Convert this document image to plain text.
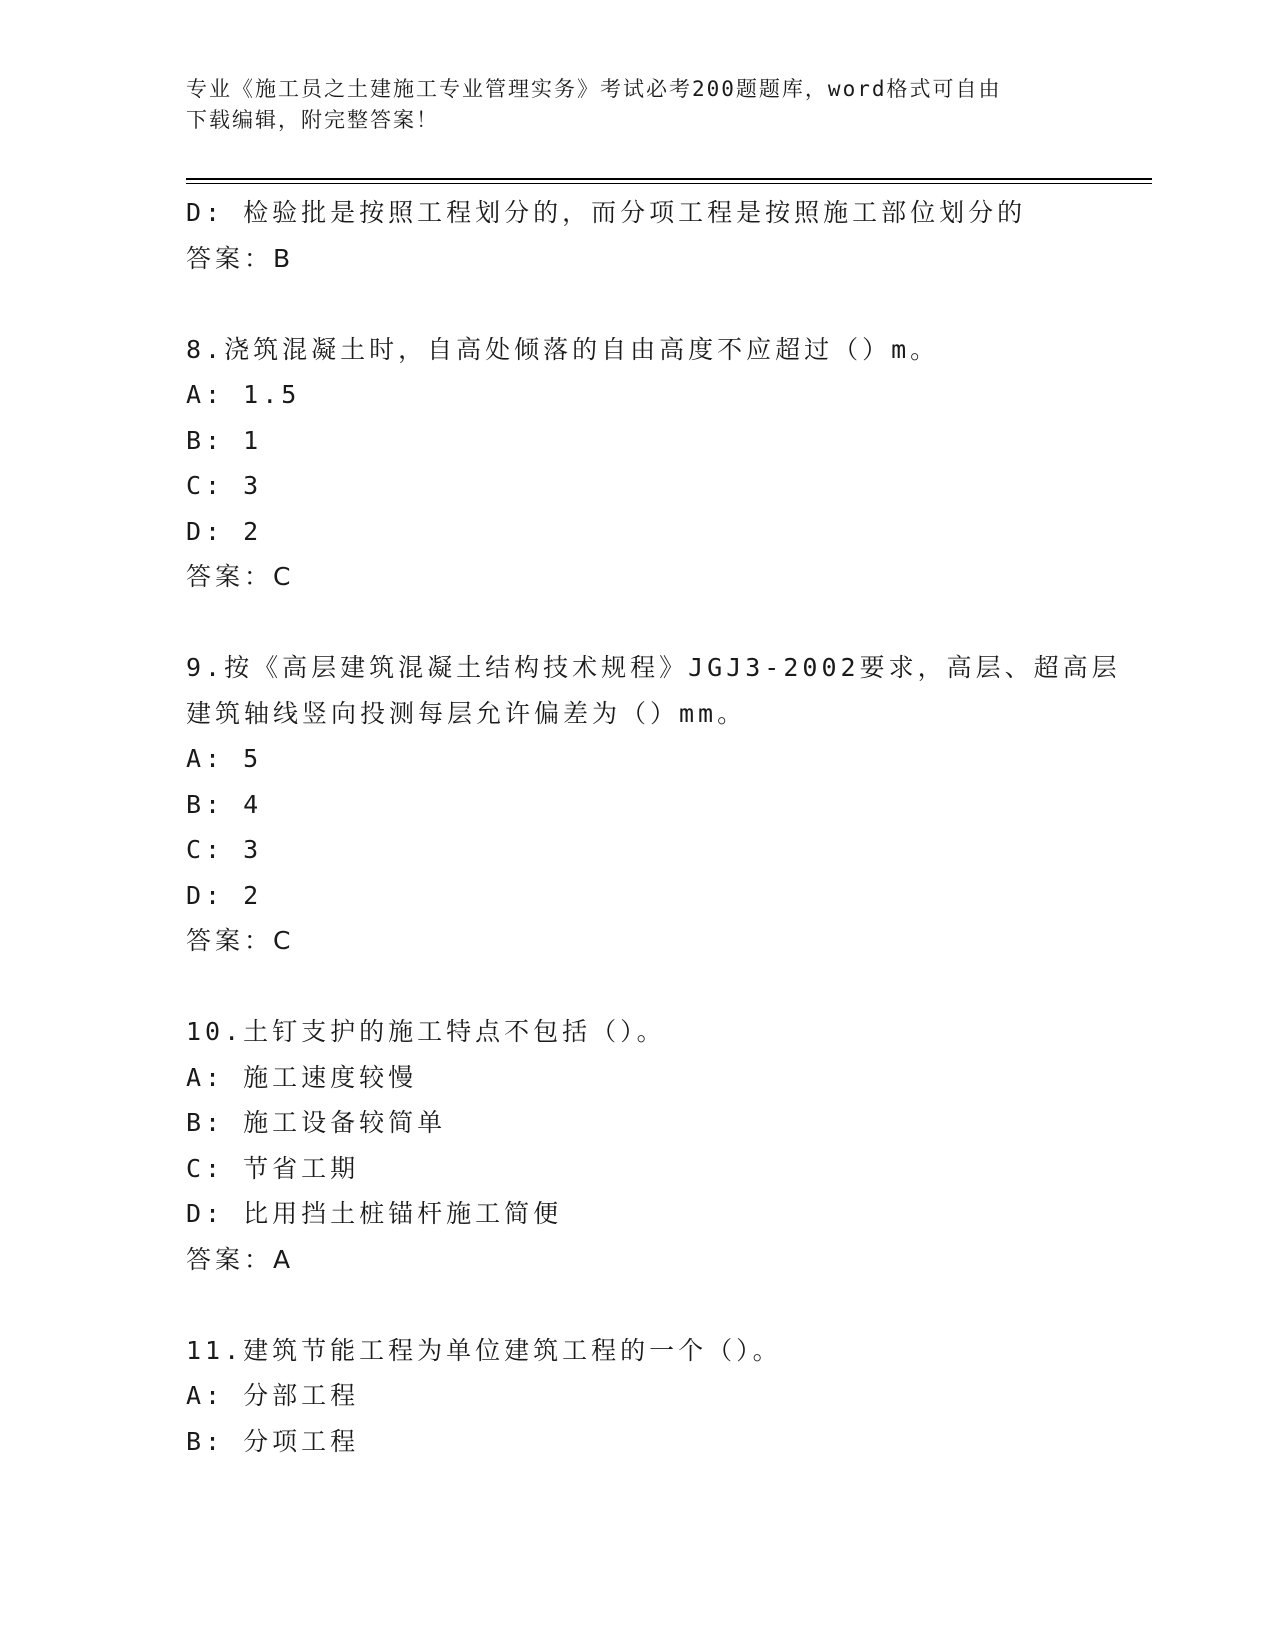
专业《施工员之土建施工专业管理实务》考试必考200题题库，word格式可自由
下载编辑，附完整答案！
D: 检验批是按照工程划分的，而分项工程是按照施工部位划分的
答案：B
8.浇筑混凝土时，自高处倾落的自由高度不应超过（）m。
A: 1.5
B: 1
C: 3
D: 2
答案：C
9.按《高层建筑混凝土结构技术规程》JGJ3-2002要求，高层、超高层
建筑轴线竖向投测每层允许偏差为（）mm。
A: 5
B: 4
C: 3
D: 2
答案：C
10.土钉支护的施工特点不包括（）。
A: 施工速度较慢
B: 施工设备较简单
C: 节省工期
D: 比用挡土桩锚杆施工简便
答案：A
11.建筑节能工程为单位建筑工程的一个（）。
A: 分部工程
B: 分项工程
